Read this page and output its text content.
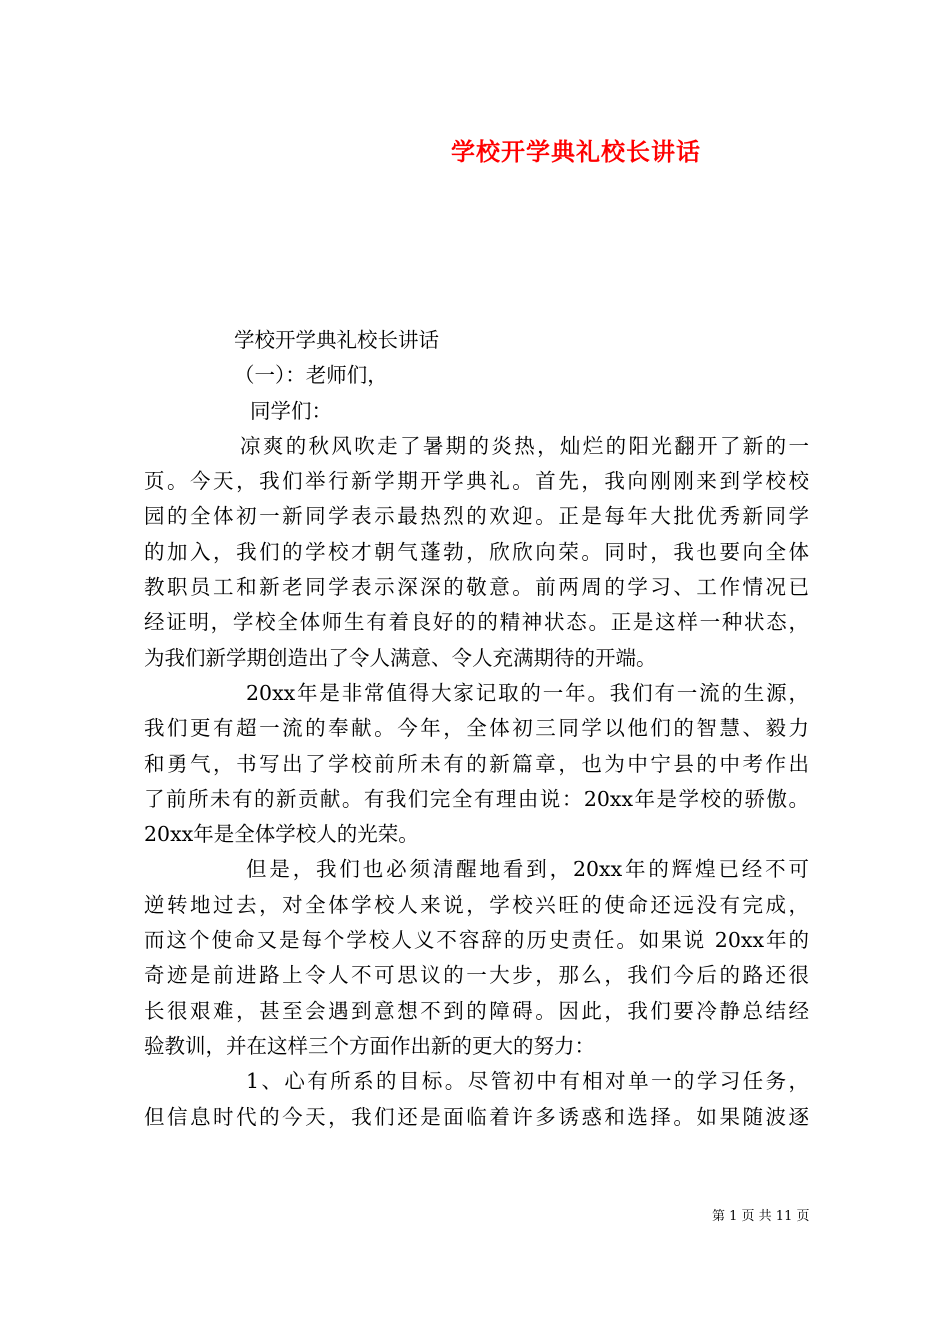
学校开学典礼校长讲话
学校开学典礼校长讲话
（一）：老师们，
同学们：
凉爽的秋风吹走了暑期的炎热，灿烂的阳光翻开了新的一
页。今天，我们举行新学期开学典礼。首先，我向刚刚来到学校校
园的全体初一新同学表示最热烈的欢迎。正是每年大批优秀新同学
的加入，我们的学校才朝气蓬勃，欣欣向荣。同时，我也要向全体
教职员工和新老同学表示深深的敬意。前两周的学习、工作情况已
经证明，学校全体师生有着良好的的精神状态。正是这样一种状态，
为我们新学期创造出了令人满意、令人充满期待的开端。
20xx年是非常值得大家记取的一年。我们有一流的生源，
我们更有超一流的奉献。今年，全体初三同学以他们的智慧、毅力
和勇气，书写出了学校前所未有的新篇章，也为中宁县的中考作出
了前所未有的新贡献。有我们完全有理由说：20xx年是学校的骄傲。
20xx年是全体学校人的光荣。
但是，我们也必须清醒地看到，20xx年的辉煌已经不可
逆转地过去，对全体学校人来说，学校兴旺的使命还远没有完成，
而这个使命又是每个学校人义不容辞的历史责任。如果说 20xx年的
奇迹是前进路上令人不可思议的一大步，那么，我们今后的路还很
长很艰难，甚至会遇到意想不到的障碍。因此，我们要冷静总结经
验教训，并在这样三个方面作出新的更大的努力：
1、心有所系的目标。尽管初中有相对单一的学习任务，
但信息时代的今天，我们还是面临着许多诱惑和选择。如果随波逐
第 1 页 共 11 页
